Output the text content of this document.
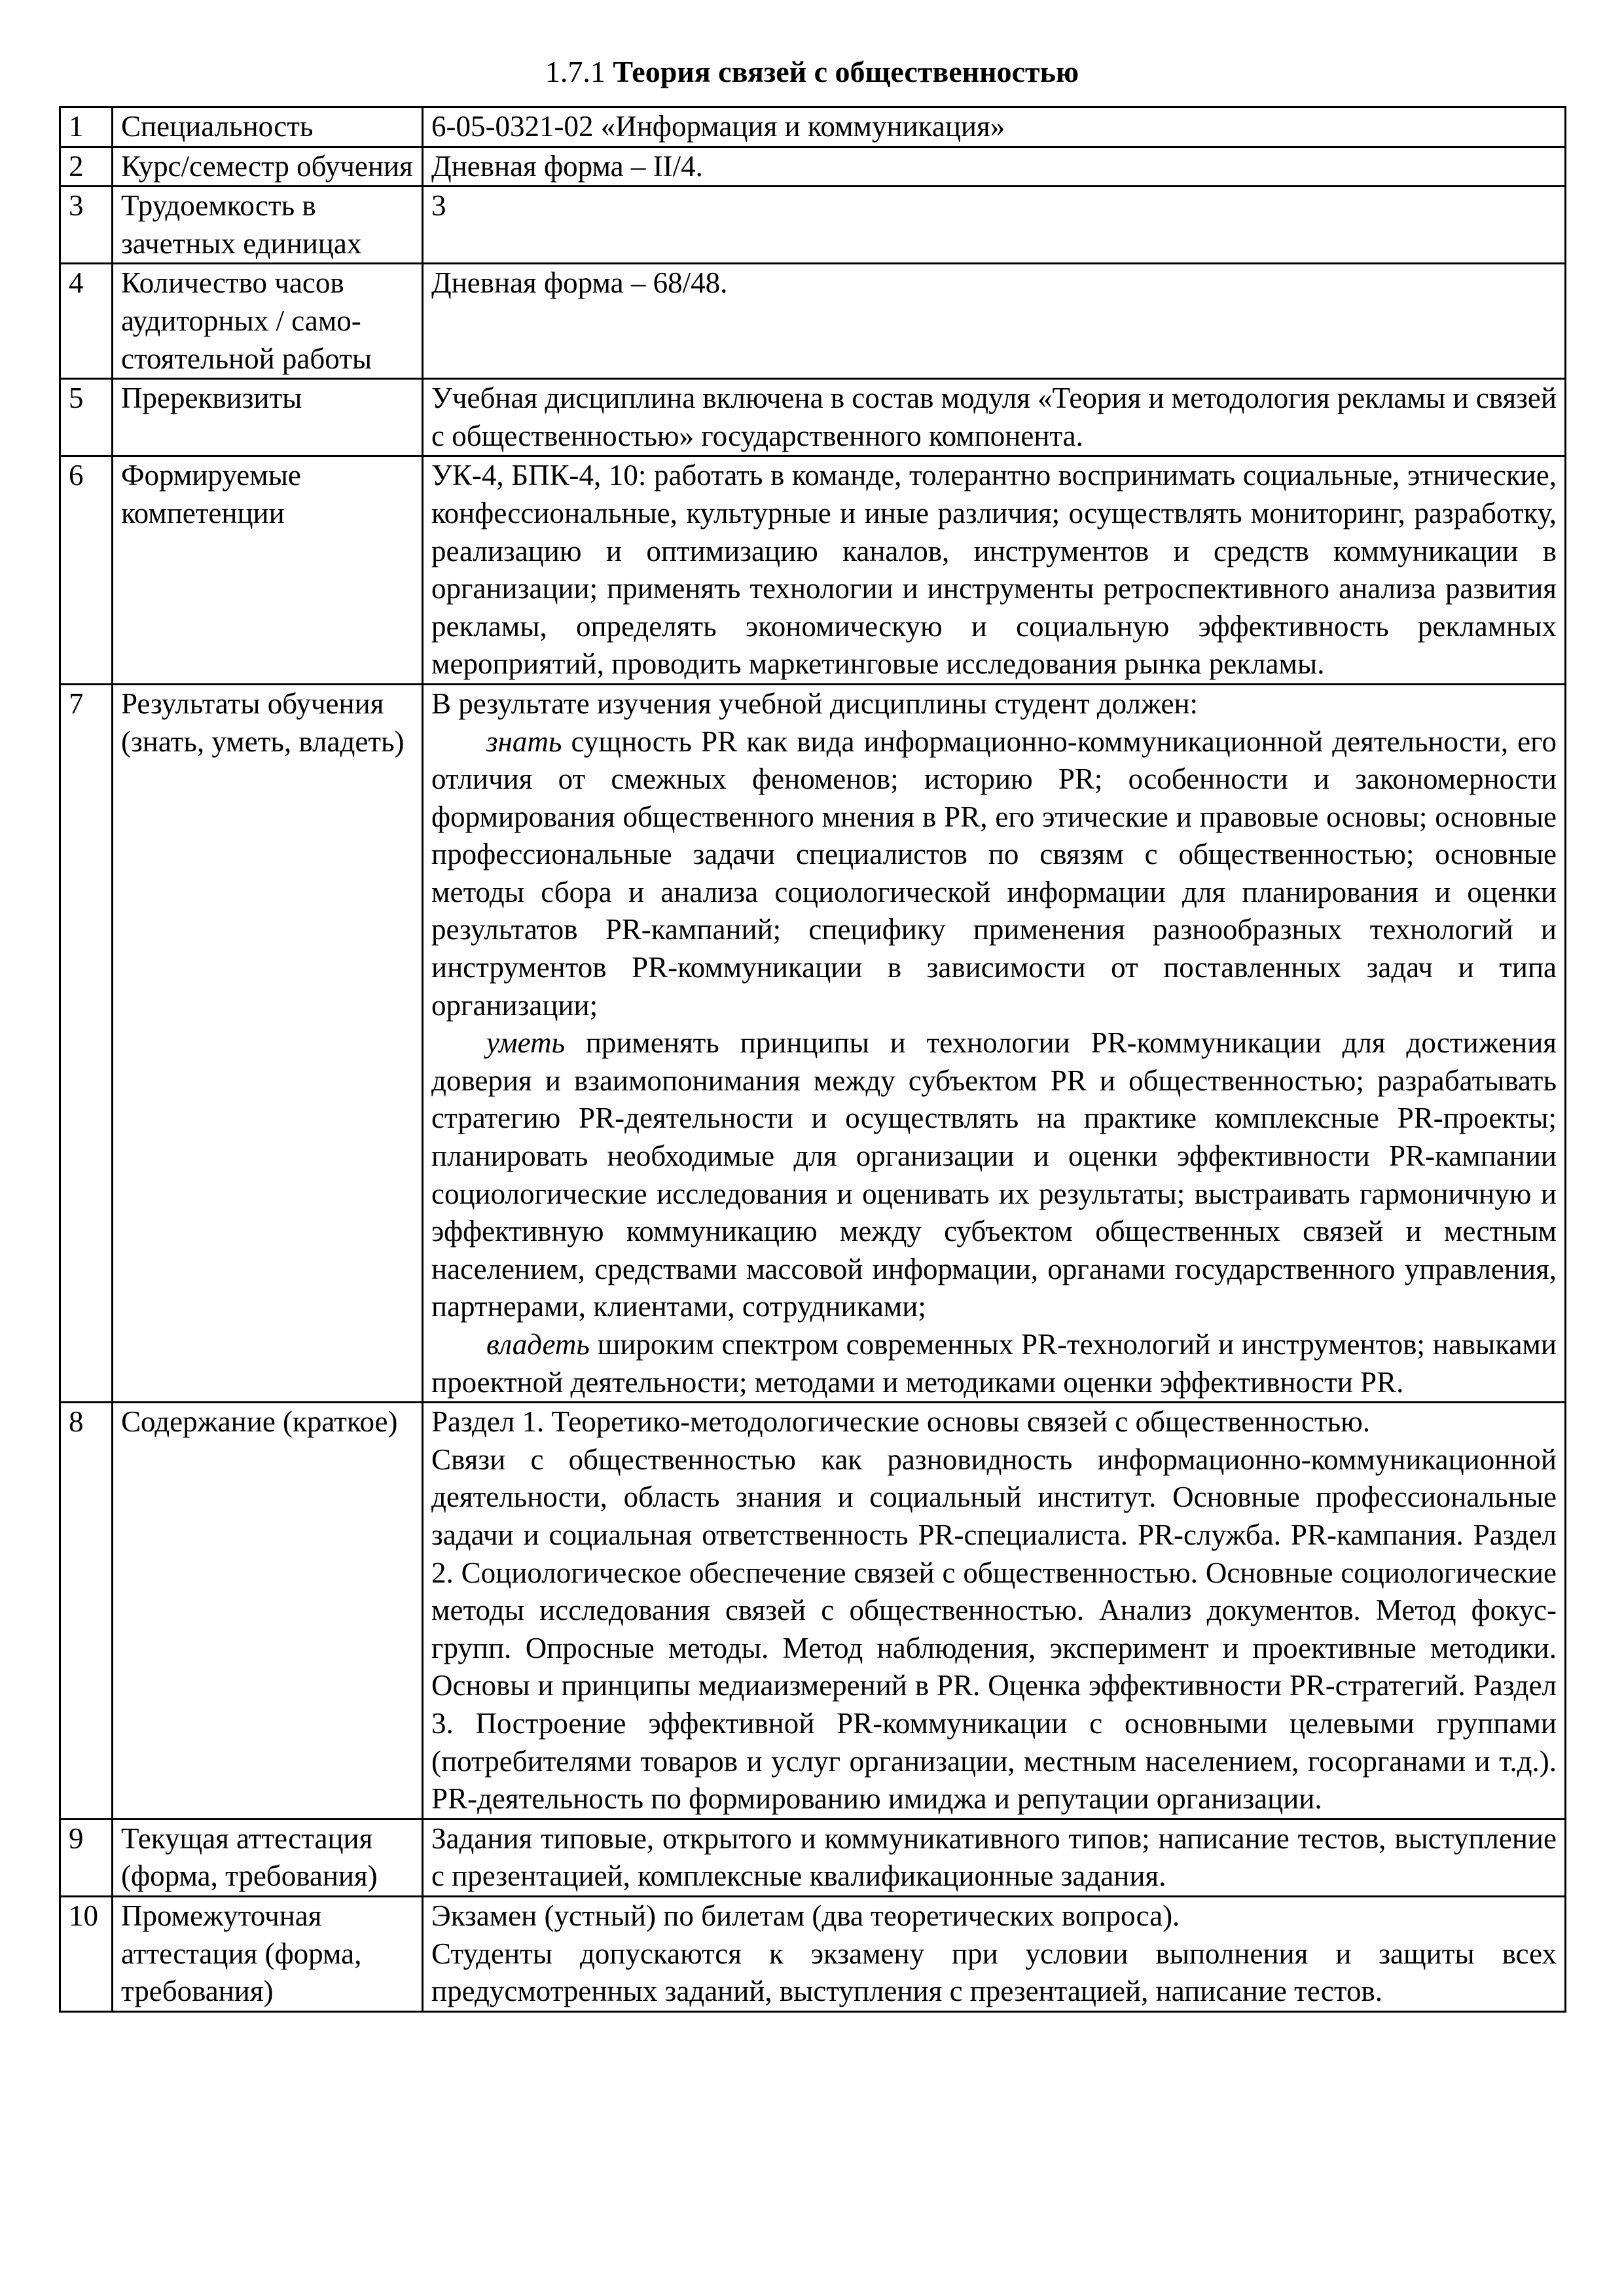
1.7.1 Теория связей с общественностью
1	Специальность	6-05-0321-02 «Информация и коммуникация»
2	Курс/семестр обучения	Дневная форма – II/4.
3	Трудоемкость в зачетных единицах	3
4	Количество часов аудиторных / само-стоятельной работы	Дневная форма – 68/48.
5	Пререквизиты	Учебная дисциплина включена в состав модуля «Теория и методология рекламы и связей с общественностью» государственного компонента.
6	Формируемые компетенции	УК-4, БПК-4, 10: работать в команде, толерантно воспринимать социальные, этнические, конфессиональные, культурные и иные различия; осуществлять мониторинг, разработку, реализацию и оптимизацию каналов, инструментов и средств коммуникации в организации; применять технологии и инструменты ретроспективного анализа развития рекламы, определять экономическую и социальную эффективность рекламных мероприятий, проводить маркетинговые исследования рынка рекламы.
7	Результаты обучения (знать, уметь, владеть)	В результате изучения учебной дисциплины студент должен:
знать сущность PR как вида информационно-коммуникационной деятельности, его отличия от смежных феноменов; историю PR; особенности и закономерности формирования общественного мнения в PR, его этические и правовые основы; основные профессиональные задачи специалистов по связям с общественностью; основные методы сбора и анализа социологической информации для планирования и оценки результатов PR-кампаний; специфику применения разнообразных технологий и инструментов PR-коммуникации в зависимости от поставленных задач и типа организации;
уметь применять принципы и технологии PR-коммуникации для достижения доверия и взаимопонимания между субъектом PR и общественностью; разрабатывать стратегию PR-деятельности и осуществлять на практике комплексные PR-проекты; планировать необходимые для организации и оценки эффективности PR-кампании социологические исследования и оценивать их результаты; выстраивать гармоничную и эффективную коммуникацию между субъектом общественных связей и местным населением, средствами массовой информации, органами государственного управления, партнерами, клиентами, сотрудниками;
владеть широким спектром современных PR-технологий и инструментов; навыками проектной деятельности; методами и методиками оценки эффективности PR.

8	Содержание (краткое)	Раздел 1. Теоретико-методологические основы связей с общественностью.
Связи с общественностью как разновидность информационно-коммуникационной деятельности, область знания и социальный институт. Основные профессиональные задачи и социальная ответственность PR-специалиста. PR-служба. PR-кампания. Раздел 2. Социологическое обеспечение связей с общественностью. Основные социологические методы исследования связей с общественностью. Анализ документов. Метод фокус-групп. Опросные методы. Метод наблюдения, эксперимент и проективные методики. Основы и принципы медиаизмерений в PR. Оценка эффективности PR-стратегий. Раздел 3. Построение эффективной PR-коммуникации с основными целевыми группами (потребителями товаров и услуг организации, местным населением, госорганами и т.д.). PR-деятельность по формированию имиджа и репутации организации.

9	Текущая аттестация (форма, требования)	Задания типовые, открытого и коммуникативного типов; написание тестов, выступление с презентацией, комплексные квалификационные задания.
10	Промежуточная аттестация (форма, требования)	Экзамен (устный) по билетам (два теоретических вопроса).
Студенты допускаются к экзамену при условии выполнения и защиты всех предусмотренных заданий, выступления с презентацией, написание тестов.
